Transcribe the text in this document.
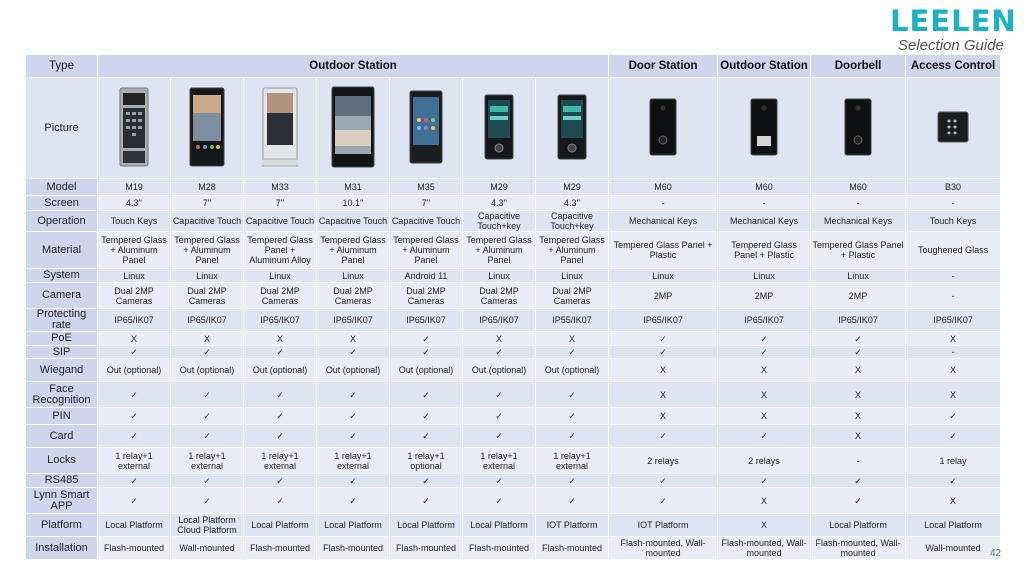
LEELEN
Selection Guide
Type	Outdoor Station							Door Station	Outdoor Station	Doorbell	Access Control
Picture											
Model	M19	M28	M33	M31	M35	M29	M29	M60	M60	M60	B30
Screen	4.3''	7''	7''	10.1''	7''	4.3''	4.3''	-	-	-	-
Operation	Touch Keys	Capacitive Touch	Capacitive Touch	Capacitive Touch	Capacitive Touch	Capacitive Touch+key	Capacitive Touch+key	Mechanical Keys	Mechanical Keys	Mechanical Keys	Touch Keys
Material	Tempered Glass + Aluminum Panel	Tempered Glass + Aluminum Panel	Tempered Glass Panel + Aluminum Alloy	Tempered Glass + Aluminum Panel	Tempered Glass + Aluminum Panel	Tempered Glass + Aluminum Panel	Tempered Glass + Aluminum Panel	Tempered Glass Panel + Plastic	Tempered Glass Panel + Plastic	Tempered Glass Panel + Plastic	Toughened Glass
System	Linux	Linux	Linux	Linux	Android 11	Linux	Linux	Linux	Linux	Linux	-
Camera	Dual 2MP Cameras	Dual 2MP Cameras	Dual 2MP Cameras	Dual 2MP Cameras	Dual 2MP Cameras	Dual 2MP Cameras	Dual 2MP Cameras	2MP	2MP	2MP	-
Protecting rate	IP65/IK07	IP65/IK07	IP65/IK07	IP65/IK07	IP65/IK07	IP65/IK07	IP55/IK07	IP65/IK07	IP65/IK07	IP65/IK07	IP65/IK07
PoE	X	X	X	X	✓	X	X	✓	✓	✓	X
SIP	✓	✓	✓	✓	✓	✓	✓	✓	✓	✓	-
Wiegand	Out (optional)	Out (optional)	Out (optional)	Out (optional)	Out (optional)	Out (optional)	Out (optional)	X	X	X	X
Face Recognition	✓	✓	✓	✓	✓	✓	✓	X	X	X	X
PIN	✓	✓	✓	✓	✓	✓	✓	X	X	X	✓
Card	✓	✓	✓	✓	✓	✓	✓	✓	✓	X	✓
Locks	1 relay+1 external	1 relay+1 external	1 relay+1 external	1 relay+1 external	1 relay+1 optional	1 relay+1 external	1 relay+1 external	2 relays	2 relays	-	1 relay
RS485	✓	✓	✓	✓	✓	✓	✓	✓	✓	✓	✓
Lynn Smart APP	✓	✓	✓	✓	✓	✓	✓	✓	X	✓	X
Platform	Local Platform	Local Platform Cloud Platform	Local Platform	Local Platform	Local Platform	Local Platform	IOT Platform	IOT Platform	X	Local Platform	Local Platform
Installation	Flash-mounted	Wall-mounted	Flash-mounted	Flash-mounted	Flash-mounted	Flash-mounted	Flash-mounted	Flash-mounted, Wall-mounted	Flash-mounted, Wall-mounted	Flash-mounted, Wall-mounted	Wall-mounted 42
